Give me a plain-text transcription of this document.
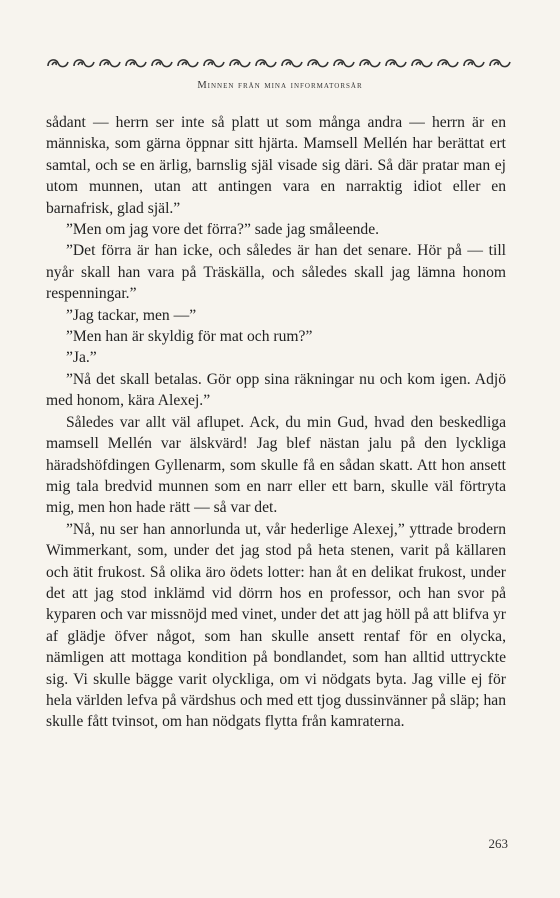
Minnen från mina informatorsår

sådant — herrn ser inte så platt ut som många andra — herrn är en människa, som gärna öppnar sitt hjärta. Mamsell Mellén har berättat ert samtal, och se en ärlig, barnslig själ visade sig däri. Så där pratar man ej utom munnen, utan att antingen vara en narraktig idiot eller en barnafrisk, glad själ.”

”Men om jag vore det förra?” sade jag småleende.

”Det förra är han icke, och således är han det senare. Hör på — till nyår skall han vara på Träskälla, och således skall jag lämna honom respenningar.”

”Jag tackar, men —”

”Men han är skyldig för mat och rum?”

”Ja.”

”Nå det skall betalas. Gör opp sina räkningar nu och kom igen. Adjö med honom, kära Alexej.”

Således var allt väl aflupet. Ack, du min Gud, hvad den beskedliga mamsell Mellén var älskvärd! Jag blef nästan jalu på den lyckliga häradshöfdingen Gyllenarm, som skulle få en sådan skatt. Att hon ansett mig tala bredvid munnen som en narr eller ett barn, skulle väl förtryta mig, men hon hade rätt — så var det.

”Nå, nu ser han annorlunda ut, vår hederlige Alexej,” yttrade brodern Wimmerkant, som, under det jag stod på heta stenen, varit på källaren och ätit frukost. Så olika äro ödets lotter: han åt en delikat frukost, under det att jag stod inklämd vid dörrn hos en professor, och han svor på kyparen och var missnöjd med vinet, under det att jag höll på att blifva yr af glädje öfver något, som han skulle ansett rentaf för en olycka, nämligen att mottaga kondition på bondlandet, som han alltid uttryckte sig. Vi skulle bägge varit olyckliga, om vi nödgats byta. Jag ville ej för hela världen lefva på värdshus och med ett tjog dussinvänner på släp; han skulle fått tvinsot, om han nödgats flytta från kamraterna.

263
